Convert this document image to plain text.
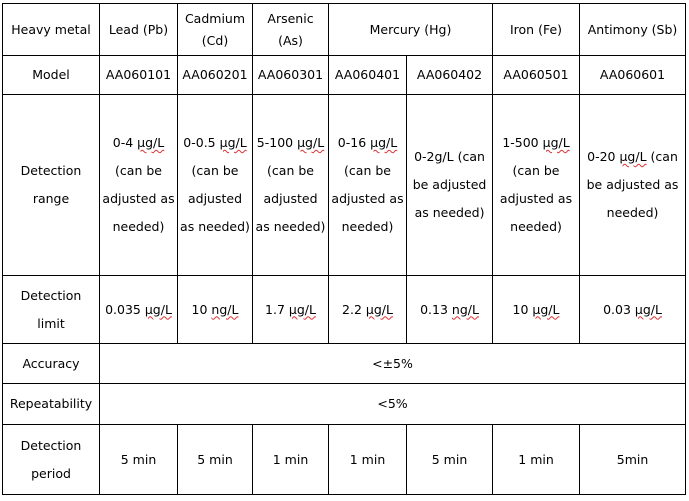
Heavy metal	Lead (Pb)	Cadmium (Cd)	Arsenic (As)	Mercury (Hg)		Iron (Fe)	Antimony (Sb)
Model	AA060101	AA060201	AA060301	AA060401	AA060402	AA060501	AA060601
Detection range	0-4 μg/L (can be adjusted as needed)	0-0.5 μg/L (can be adjusted as needed)	5-100 μg/L (can be adjusted as needed)	0-16 μg/L (can be adjusted as needed)	0-2g/L (can be adjusted as needed)	1-500 μg/L (can be adjusted as needed)	0-20 μg/L (can be adjusted as needed)
Detection limit	0.035 μg/L	10 ng/L	1.7 μg/L	2.2 μg/L	0.13 ng/L	10 μg/L	0.03 μg/L
Accuracy	<±5%						
Repeatability	<5%						
Detection period	5 min	5 min	1 min	1 min	5 min	1 min	5min
